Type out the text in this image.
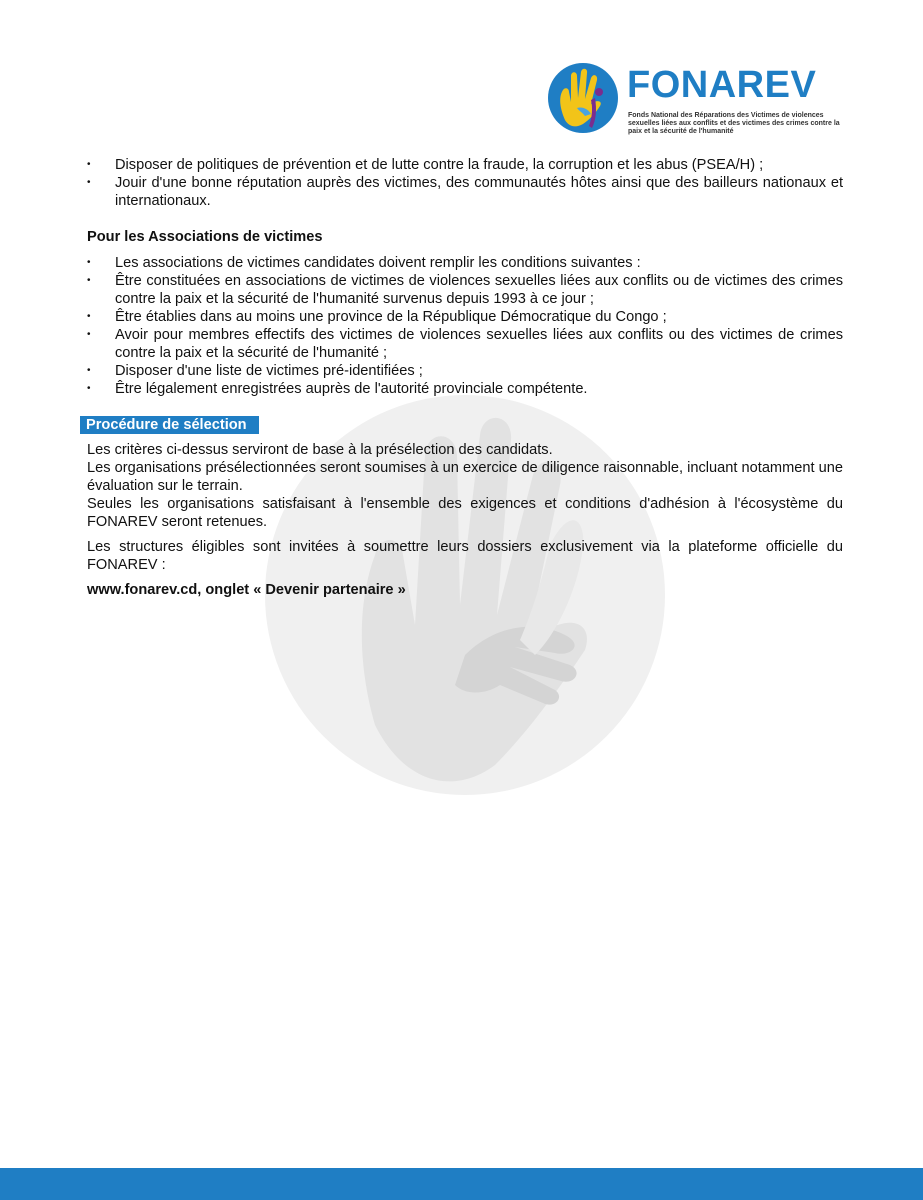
FONAREV
Fonds National des Réparations des Victimes de violences sexuelles liées aux conflits et des victimes des crimes contre la paix et la sécurité de l'humanité
•	Disposer de politiques de prévention et de lutte contre la fraude, la corruption et les abus (PSEA/H) ;
•	Jouir d'une bonne réputation auprès des victimes, des communautés hôtes ainsi que des bailleurs nationaux et internationaux.

Pour les Associations de victimes

•	Les associations de victimes candidates doivent remplir les conditions suivantes :
•	Être constituées en associations de victimes de violences sexuelles liées aux conflits ou de victimes des crimes contre la paix et la sécurité de l'humanité survenus depuis 1993 à ce jour ;
•	Être établies dans au moins une province de la République Démocratique du Congo ;
•	Avoir pour membres effectifs des victimes de violences sexuelles liées aux conflits ou des victimes de crimes contre la paix et la sécurité de l'humanité ;
•	Disposer d'une liste de victimes pré-identifiées ;
•	Être légalement enregistrées auprès de l'autorité provinciale compétente.
Procédure de sélection

Les critères ci-dessus serviront de base à la présélection des candidats.

Les organisations présélectionnées seront soumises à un exercice de diligence raisonnable, incluant notamment une évaluation sur le terrain.

Seules les organisations satisfaisant à l'ensemble des exigences et conditions d'adhésion à l'écosystème du FONAREV seront retenues.

Les structures éligibles sont invitées à soumettre leurs dossiers exclusivement via la plateforme officielle du FONAREV :

www.fonarev.cd, onglet « Devenir partenaire »
